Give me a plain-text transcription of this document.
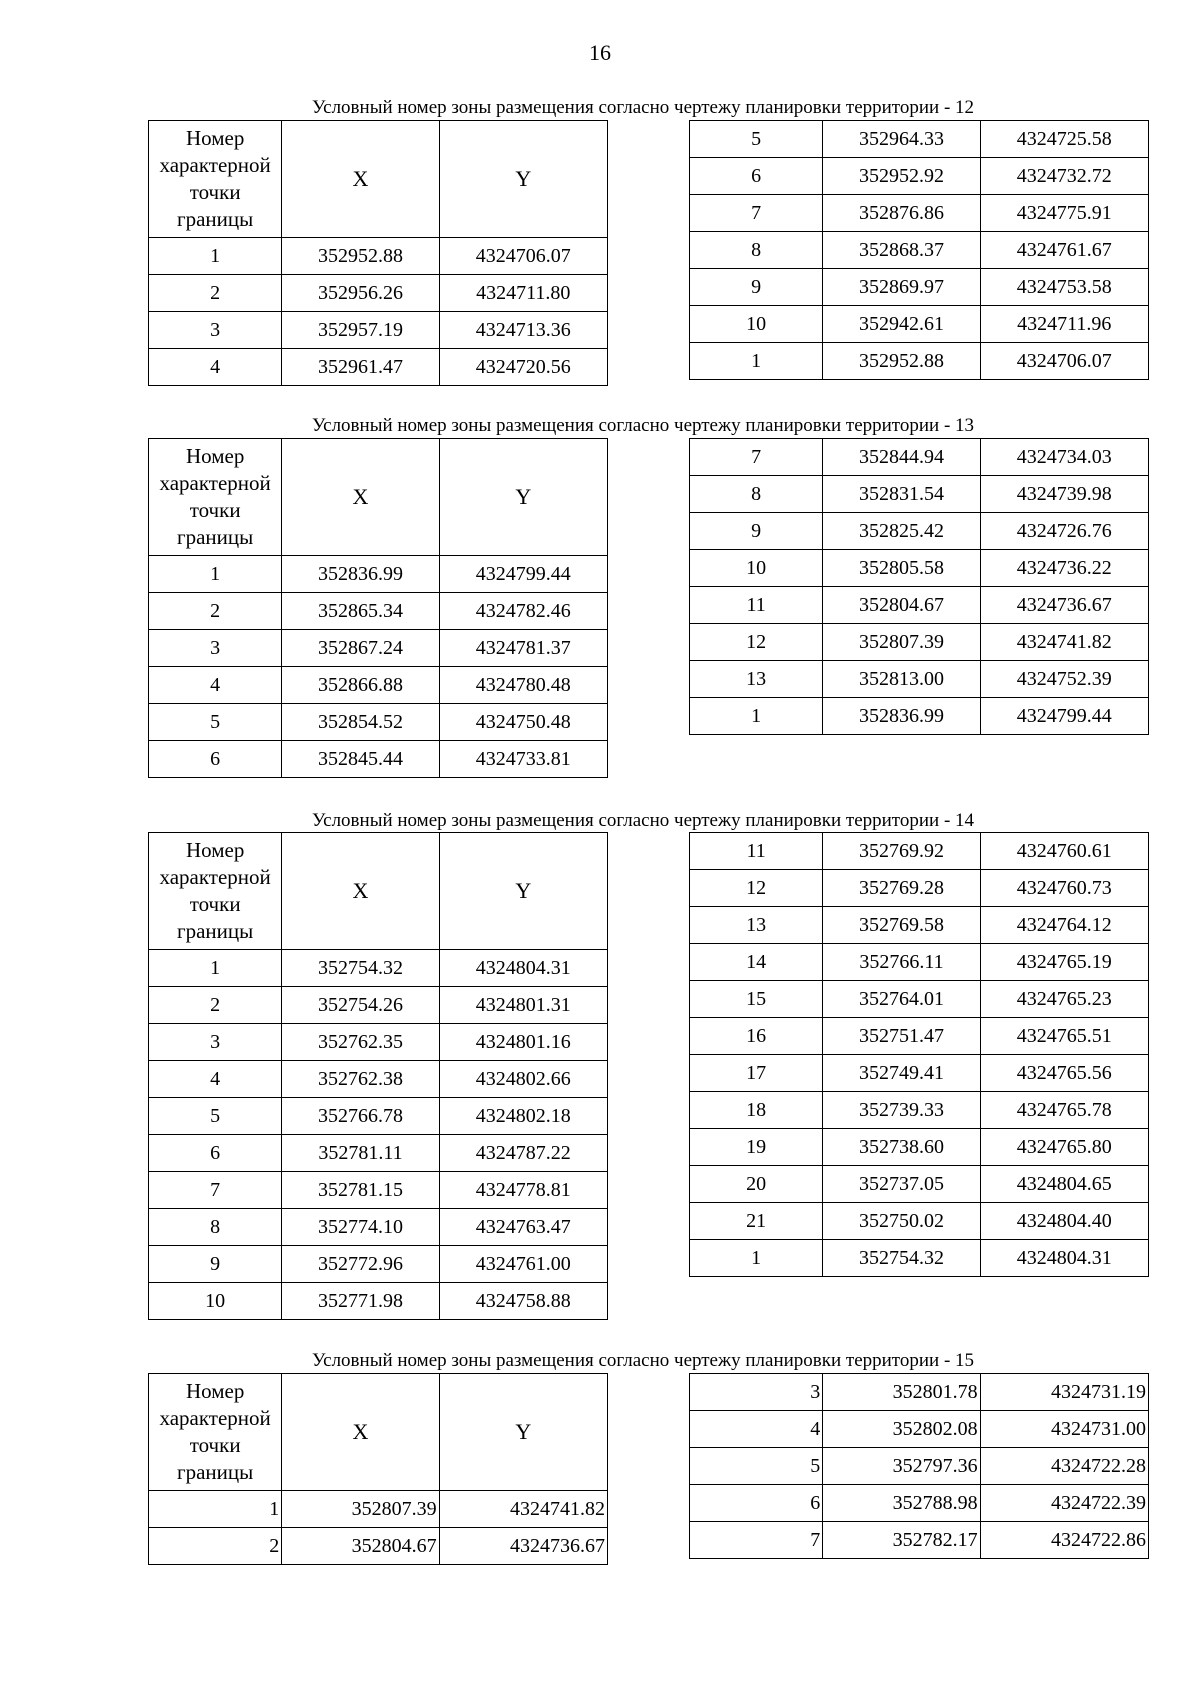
16
Условный номер зоны размещения согласно чертежу планировки территории - 12
Номер
характерной
точки
границы	X	Y
1	352952.88	4324706.07
2	352956.26	4324711.80
3	352957.19	4324713.36
4	352961.47	4324720.56
5	352964.33	4324725.58
6	352952.92	4324732.72
7	352876.86	4324775.91
8	352868.37	4324761.67
9	352869.97	4324753.58
10	352942.61	4324711.96
1	352952.88	4324706.07
Условный номер зоны размещения согласно чертежу планировки территории - 13
Номер
характерной
точки
границы	X	Y
1	352836.99	4324799.44
2	352865.34	4324782.46
3	352867.24	4324781.37
4	352866.88	4324780.48
5	352854.52	4324750.48
6	352845.44	4324733.81
7	352844.94	4324734.03
8	352831.54	4324739.98
9	352825.42	4324726.76
10	352805.58	4324736.22
11	352804.67	4324736.67
12	352807.39	4324741.82
13	352813.00	4324752.39
1	352836.99	4324799.44
Условный номер зоны размещения согласно чертежу планировки территории - 14
Номер
характерной
точки
границы	X	Y
1	352754.32	4324804.31
2	352754.26	4324801.31
3	352762.35	4324801.16
4	352762.38	4324802.66
5	352766.78	4324802.18
6	352781.11	4324787.22
7	352781.15	4324778.81
8	352774.10	4324763.47
9	352772.96	4324761.00
10	352771.98	4324758.88
11	352769.92	4324760.61
12	352769.28	4324760.73
13	352769.58	4324764.12
14	352766.11	4324765.19
15	352764.01	4324765.23
16	352751.47	4324765.51
17	352749.41	4324765.56
18	352739.33	4324765.78
19	352738.60	4324765.80
20	352737.05	4324804.65
21	352750.02	4324804.40
1	352754.32	4324804.31
Условный номер зоны размещения согласно чертежу планировки территории - 15
Номер
характерной
точки
границы	X	Y
1	352807.39	4324741.82
2	352804.67	4324736.67
3	352801.78	4324731.19
4	352802.08	4324731.00
5	352797.36	4324722.28
6	352788.98	4324722.39
7	352782.17	4324722.86
